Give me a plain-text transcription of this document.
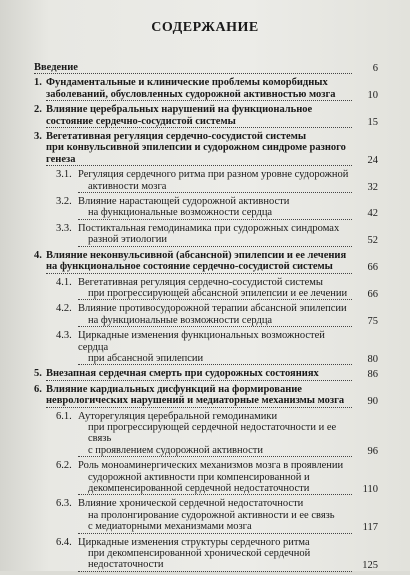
СОДЕРЖАНИЕ
Введение	6
1. Фундаментальные и клинические проблемы коморбидных
заболеваний, обусловленных судорожной активностью мозга	10
2. Влияние церебральных нарушений на функциональное
состояние сердечно-сосудистой системы	15
3. Вегетативная регуляция сердечно-сосудистой системы
при конвульсивной эпилепсии и судорожном синдроме разного
генеза	24
3.1. Регуляция сердечного ритма при разном уровне судорожной
активности мозга	32
3.2. Влияние нарастающей судорожной активности
на функциональные возможности сердца	42
3.3. Постиктальная гемодинамика при судорожных синдромах
разной этиологии	52
4. Влияние неконвульсивной (абсансной) эпилепсии и ее лечения
на функциональное состояние сердечно-сосудистой системы	66
4.1. Вегетативная регуляция сердечно-сосудистой системы
при прогрессирующей абсансной эпилепсии и ее лечении	66
4.2. Влияние противосудорожной терапии абсансной эпилепсии
на функциональные возможности сердца	75
4.3. Циркадные изменения функциональных возможностей сердца
при абсансной эпилепсии	80
5. Внезапная сердечная смерть при судорожных состояниях	86
6. Влияние кардиальных дисфункций на формирование
неврологических нарушений и медиаторные механизмы мозга	90
6.1. Ауторегуляция церебральной гемодинамики
при прогрессирующей сердечной недостаточности и ее связь
с проявлением судорожной активности	96
6.2. Роль моноаминергических механизмов мозга в проявлении
судорожной активности при компенсированной и
декомпенсированной сердечной недостаточности	110
6.3. Влияние хронической сердечной недостаточности
на пролонгирование судорожной активности и ее связь
с медиаторными механизмами мозга	117
6.4. Циркадные изменения структуры сердечного ритма
при декомпенсированной хронической сердечной
недостаточности	125
